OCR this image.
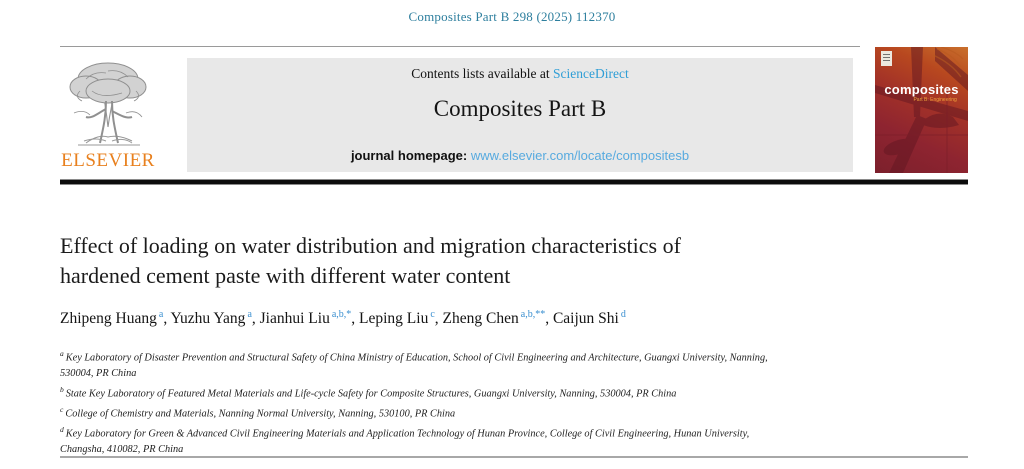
Composites Part B 298 (2025) 112370
ELSEVIER
Contents lists available at ScienceDirect
Composites Part B
journal homepage: www.elsevier.com/locate/compositesb
composites
Part B: Engineering
Effect of loading on water distribution and migration characteristics of
hardened cement paste with different water content
Zhipeng Huang $^a$, Yuzhu Yang $^a$, Jianhui Liu $^{a,b,*}$, Leping Liu $^c$, Zheng Chen $^{a,b,**}$, Caijun Shi $^d$
$^a$ Key Laboratory of Disaster Prevention and Structural Safety of China Ministry of Education, School of Civil Engineering and Architecture, Guangxi University, Nanning,
530004, PR China
$^b$ State Key Laboratory of Featured Metal Materials and Life-cycle Safety for Composite Structures, Guangxi University, Nanning, 530004, PR China
$^c$ College of Chemistry and Materials, Nanning Normal University, Nanning, 530100, PR China
$^d$ Key Laboratory for Green & Advanced Civil Engineering Materials and Application Technology of Hunan Province, College of Civil Engineering, Hunan University,
Changsha, 410082, PR China
